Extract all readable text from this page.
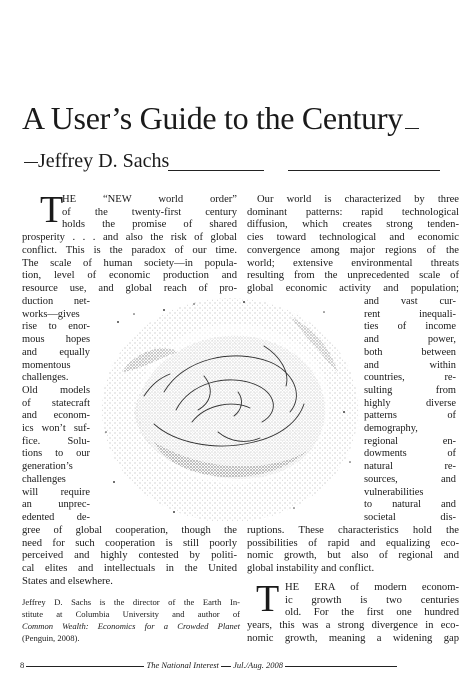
A User’s Guide to the Century
Jeffrey D. Sachs
T
HE “NEW world order”
of the twenty-first century
holds the promise of shared
prosperity . . . and also the risk of global
conflict. This is the paradox of our time.
The scale of human society—in popula-
tion, level of economic production and
resource use, and global reach of pro-
duction net-
works—gives
rise to enor-
mous hopes
and equally
momentous
challenges.
Old models
of statecraft
and econom-
ics won’t suf-
fice. Solu-
tions to our
generation’s
challenges
will require
an unprec-
edented de-
gree of global cooperation, though the
need for such cooperation is still poorly
perceived and highly contested by politi-
cal elites and intellectuals in the United
States and elsewhere.
Jeffrey D. Sachs is the director of the Earth In-
stitute at Columbia University and author of
Common Wealth: Economics for a Crowded Planet
(Penguin, 2008).
Our world is characterized by three
dominant patterns: rapid technological
diffusion, which creates strong tenden-
cies toward technological and economic
convergence among major regions of the
world; extensive environmental threats
resulting from the unprecedented scale of
global economic activity and population;
and vast cur-
rent inequali-
ties of income
and power,
both between
and within
countries, re-
sulting from
highly diverse
patterns of
demography,
regional en-
dowments of
natural re-
sources, and
vulnerabilities
to natural and
societal dis-
ruptions. These characteristics hold the
possibilities of rapid and equalizing eco-
nomic growth, but also of regional and
global instability and conflict.
T HE ERA of modern econom-
ic growth is two centuries
old. For the first one hundred
years, this was a strong divergence in eco-
nomic growth, meaning a widening gap
8	The National Interest Jul./Aug. 2008
